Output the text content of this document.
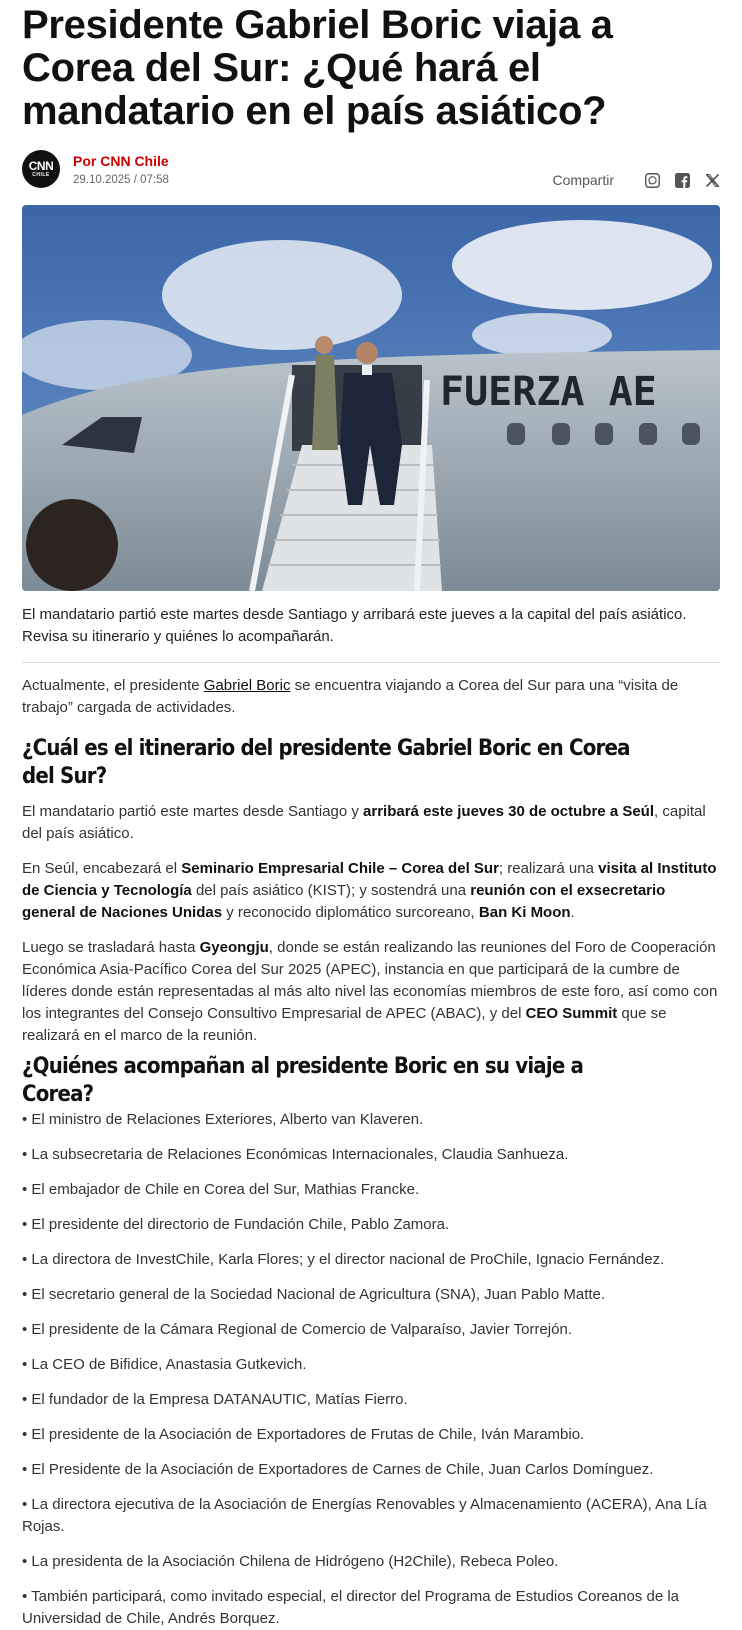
Presidente Gabriel Boric viaja a Corea del Sur: ¿Qué hará el mandatario en el país asiático?
CNN
CHILE
Por CNN Chile
29.10.2025 / 07:58	Compartir
FUERZA AE

El mandatario partió este martes desde Santiago y arribará este jueves a la capital del país asiático. Revisa su itinerario y quiénes lo acompañarán.

Actualmente, el presidente Gabriel Boric se encuentra viajando a Corea del Sur para una “visita de trabajo” cargada de actividades.

¿Cuál es el itinerario del presidente Gabriel Boric en Corea del Sur?

El mandatario partió este martes desde Santiago y arribará este jueves 30 de octubre a Seúl, capital del país asiático.

En Seúl, encabezará el Seminario Empresarial Chile – Corea del Sur; realizará una visita al Instituto de Ciencia y Tecnología del país asiático (KIST); y sostendrá una reunión con el exsecretario general de Naciones Unidas y reconocido diplomático surcoreano, Ban Ki Moon.

Luego se trasladará hasta Gyeongju, donde se están realizando las reuniones del Foro de Cooperación Económica Asia-Pacífico Corea del Sur 2025 (APEC), instancia en que participará de la cumbre de líderes donde están representadas al más alto nivel las economías miembros de este foro, así como con los integrantes del Consejo Consultivo Empresarial de APEC (ABAC), y del CEO Summit que se realizará en el marco de la reunión.

¿Quiénes acompañan al presidente Boric en su viaje a Corea?
• El ministro de Relaciones Exteriores, Alberto van Klaveren.
• La subsecretaria de Relaciones Económicas Internacionales, Claudia Sanhueza.
• El embajador de Chile en Corea del Sur, Mathias Francke.
• El presidente del directorio de Fundación Chile, Pablo Zamora.
• La directora de InvestChile, Karla Flores; y el director nacional de ProChile, Ignacio Fernández.
• El secretario general de la Sociedad Nacional de Agricultura (SNA), Juan Pablo Matte.
• El presidente de la Cámara Regional de Comercio de Valparaíso, Javier Torrejón.
• La CEO de Bifidice, Anastasia Gutkevich.
• El fundador de la Empresa DATANAUTIC, Matías Fierro.
• El presidente de la Asociación de Exportadores de Frutas de Chile, Iván Marambio.
• El Presidente de la Asociación de Exportadores de Carnes de Chile, Juan Carlos Domínguez.
• La directora ejecutiva de la Asociación de Energías Renovables y Almacenamiento (ACERA), Ana Lía Rojas.
• La presidenta de la Asociación Chilena de Hidrógeno (H2Chile), Rebeca Poleo.
• También participará, como invitado especial, el director del Programa de Estudios Coreanos de la Universidad de Chile, Andrés Borquez.
